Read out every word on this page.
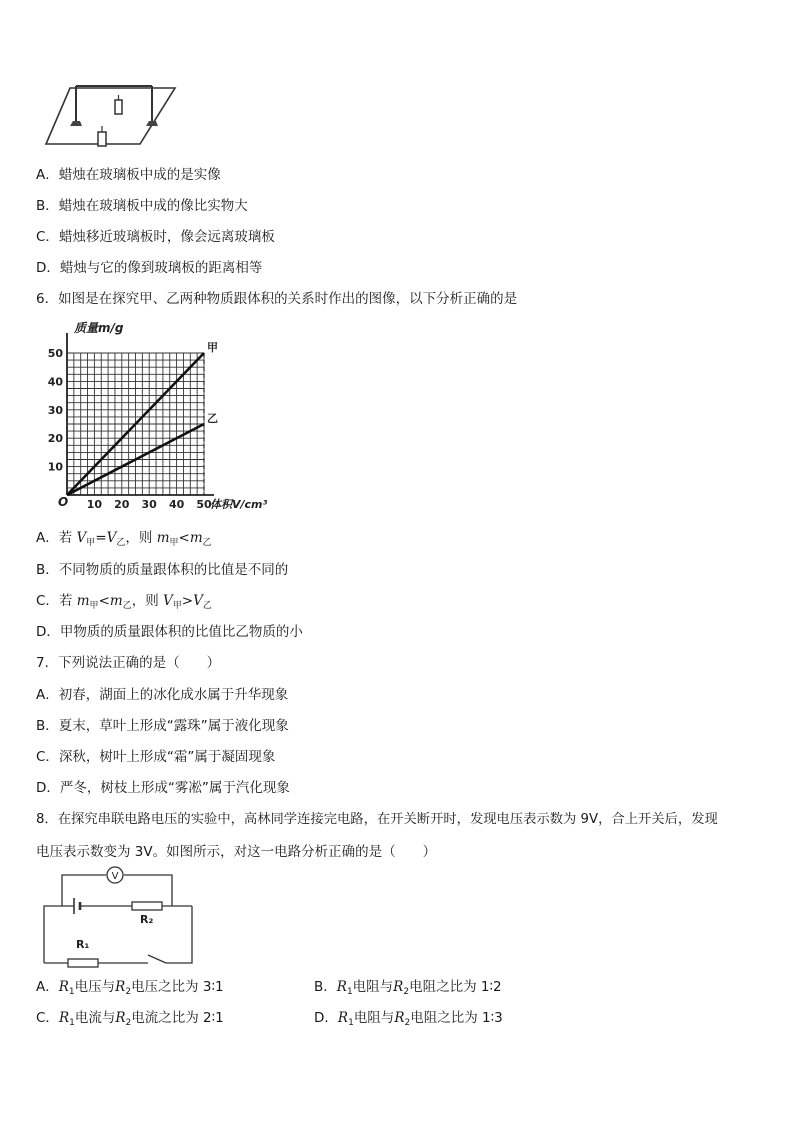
A．蜡烛在玻璃板中成的是实像
B．蜡烛在玻璃板中成的像比实物大
C．蜡烛移近玻璃板时，像会远离玻璃板
D．蜡烛与它的像到玻璃板的距离相等
6．如图是在探究甲、乙两种物质跟体积的关系时作出的图像，以下分析正确的是
质量m/g
体积V/cm³
O 10 20 30 40 50
10
20
30
40
50	甲
乙
A．若 $V_甲=V_乙$，则 $m_甲<m_乙$
B．不同物质的质量跟体积的比值是不同的
C．若 $m_甲<m_乙$，则 $V_甲>V_乙$
D．甲物质的质量跟体积的比值比乙物质的小
7．下列说法正确的是（　　）
A．初春，湖面上的冰化成水属于升华现象
B．夏末，草叶上形成“露珠”属于液化现象
C．深秋，树叶上形成“霜”属于凝固现象
D．严冬，树枝上形成“雾凇”属于汽化现象
8．在探究串联电路电压的实验中，高林同学连接完电路，在开关断开时，发现电压表示数为 9V，合上开关后，发现
电压表示数变为 3V。如图所示，对这一电路分析正确的是（　　）
V
R₂
R₁
A．$R_1$电压与$R_2$电压之比为 3∶1	B．$R_1$电阻与$R_2$电阻之比为 1∶2
C．$R_1$电流与$R_2$电流之比为 2∶1	D．$R_1$电阻与$R_2$电阻之比为 1∶3
